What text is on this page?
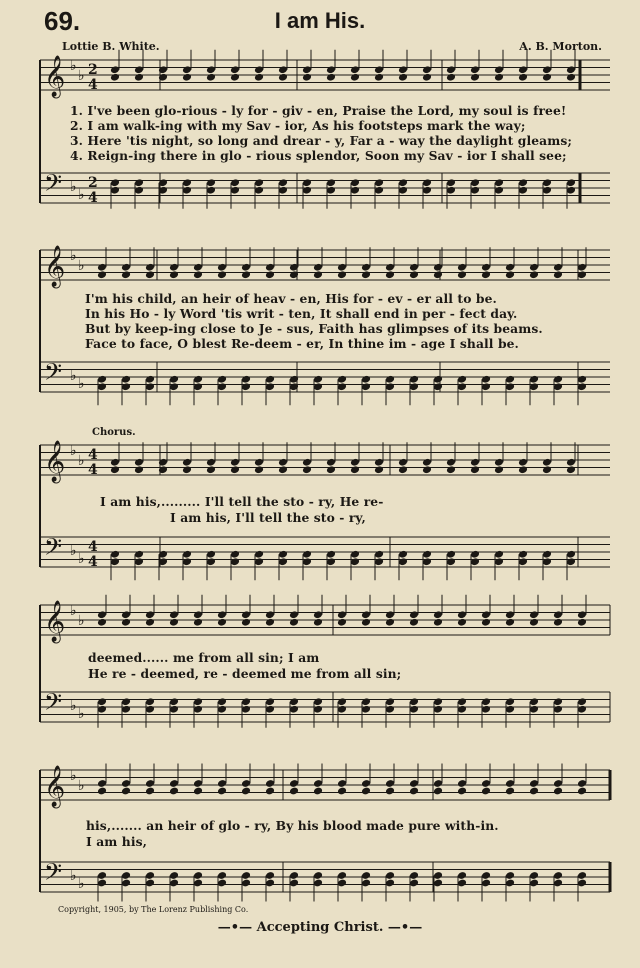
69.	I am His.
Lottie B. White.	A. B. Morton.
𝄞 ♭
♭ 2
4
𝄢 ♭ ♭
2
4
𝄞 ♭
♭
𝄢 ♭ ♭
𝄞 ♭
♭ 4
4
𝄢 ♭ ♭
4
4
𝄞 ♭
♭
𝄢 ♭ ♭
𝄞 ♭
♭
𝄢 ♭ ♭
1. I've been glo-rious - ly for - giv - en, Praise the Lord, my soul is free!
2. I am walk-ing with my Sav - ior, As his footsteps mark the way;
3. Here 'tis night, so long and drear - y, Far a - way the daylight gleams;
4. Reign-ing there in glo - rious splendor, Soon my Sav - ior I shall see;
I'm his child, an heir of heav - en, His for - ev - er all to be.
In his Ho - ly Word 'tis writ - ten, It shall end in per - fect day.
But by keep-ing close to Je - sus, Faith has glimpses of its beams.
Face to face, O blest Re-deem - er, In thine im - age I shall be.
Chorus.
I am his,......... I'll tell the sto - ry, He re-
I am his, I'll tell the sto - ry,
deemed...... me from all sin; I am
He re - deemed, re - deemed me from all sin;
his,....... an heir of glo - ry, By his blood made pure with-in.
I am his,
Copyright, 1905, by The Lorenz Publishing Co.
—•— Accepting Christ. —•—
